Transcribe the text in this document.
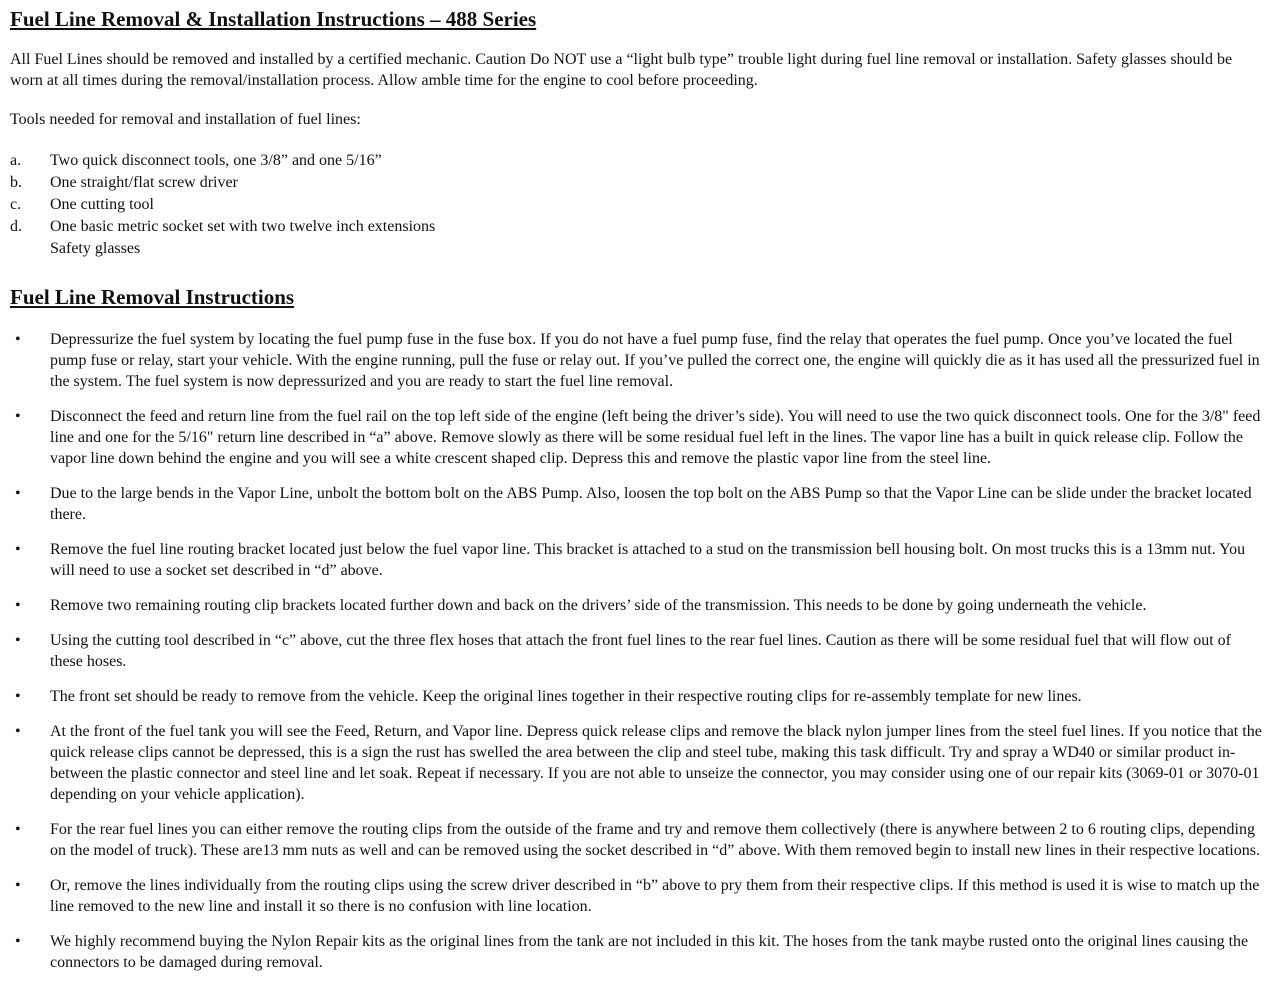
Fuel Line Removal & Installation Instructions – 488 Series

All Fuel Lines should be removed and installed by a certified mechanic. Caution Do NOT use a “light bulb type” trouble light during fuel line removal or installation. Safety glasses should be worn at all times during the removal/installation process. Allow amble time for the engine to cool before proceeding.

Tools needed for removal and installation of fuel lines:

a.	Two quick disconnect tools, one 3/8” and one 5/16”
b.	One straight/flat screw driver
c.	One cutting tool
d.	One basic metric socket set with two twelve inch extensions
Safety glasses
Fuel Line Removal Instructions
•
Depressurize the fuel system by locating the fuel pump fuse in the fuse box. If you do not have a fuel pump fuse, find the relay that operates the fuel pump. Once you’ve located the fuel pump fuse or relay, start your vehicle. With the engine running, pull the fuse or relay out. If you’ve pulled the correct one, the engine will quickly die as it has used all the pressurized fuel in the system. The fuel system is now depressurized and you are ready to start the fuel line removal.
•
Disconnect the feed and return line from the fuel rail on the top left side of the engine (left being the driver’s side). You will need to use the two quick disconnect tools. One for the 3/8" feed line and one for the 5/16" return line described in “a” above. Remove slowly as there will be some residual fuel left in the lines. The vapor line has a built in quick release clip. Follow the vapor line down behind the engine and you will see a white crescent shaped clip. Depress this and remove the plastic vapor line from the steel line.
•
Due to the large bends in the Vapor Line, unbolt the bottom bolt on the ABS Pump. Also, loosen the top bolt on the ABS Pump so that the Vapor Line can be slide under the bracket located there.
•
Remove the fuel line routing bracket located just below the fuel vapor line. This bracket is attached to a stud on the transmission bell housing bolt. On most trucks this is a 13mm nut. You will need to use a socket set described in “d” above.
•
Remove two remaining routing clip brackets located further down and back on the drivers’ side of the transmission. This needs to be done by going underneath the vehicle.
•
Using the cutting tool described in “c” above, cut the three flex hoses that attach the front fuel lines to the rear fuel lines. Caution as there will be some residual fuel that will flow out of these hoses.
•
The front set should be ready to remove from the vehicle. Keep the original lines together in their respective routing clips for re-assembly template for new lines.
•
At the front of the fuel tank you will see the Feed, Return, and Vapor line. Depress quick release clips and remove the black nylon jumper lines from the steel fuel lines. If you notice that the quick release clips cannot be depressed, this is a sign the rust has swelled the area between the clip and steel tube, making this task difficult. Try and spray a WD40 or similar product in-between the plastic connector and steel line and let soak. Repeat if necessary. If you are not able to unseize the connector, you may consider using one of our repair kits (3069-01 or 3070-01 depending on your vehicle application).
•
For the rear fuel lines you can either remove the routing clips from the outside of the frame and try and remove them collectively (there is anywhere between 2 to 6 routing clips, depending on the model of truck). These are13 mm nuts as well and can be removed using the socket described in “d” above. With them removed begin to install new lines in their respective locations.
•
Or, remove the lines individually from the routing clips using the screw driver described in “b” above to pry them from their respective clips. If this method is used it is wise to match up the line removed to the new line and install it so there is no confusion with line location.
•
We highly recommend buying the Nylon Repair kits as the original lines from the tank are not included in this kit. The hoses from the tank maybe rusted onto the original lines causing the connectors to be damaged during removal.
